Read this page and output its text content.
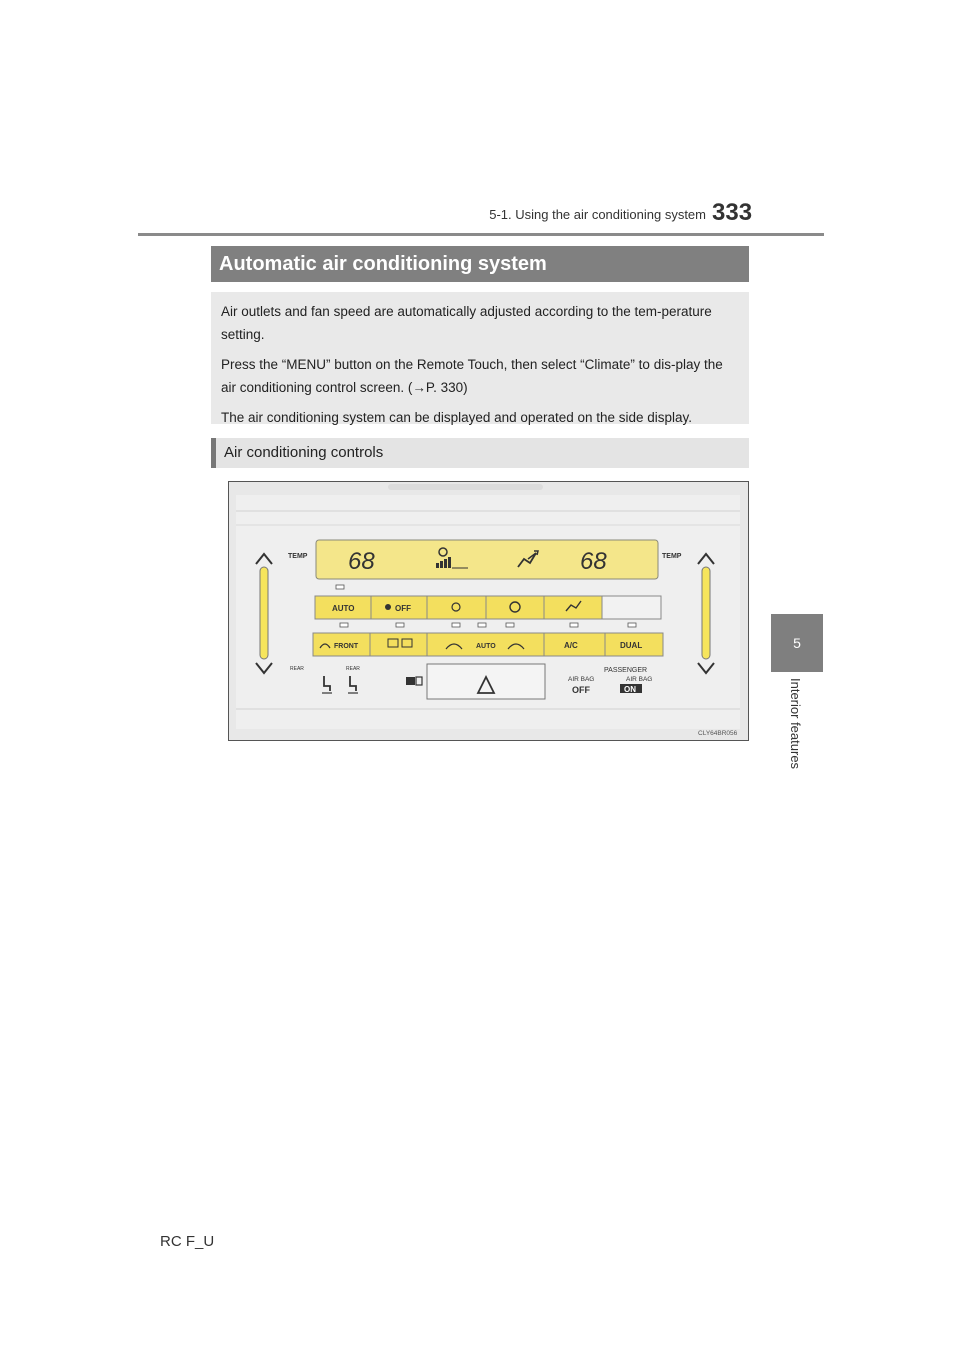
5-1. Using the air conditioning system 333
5
Interior features
Automatic air conditioning system

Air outlets and fan speed are automatically adjusted according to the tem-perature setting.

Press the “MENU” button on the Remote Touch, then select “Climate” to dis-play the air conditioning control screen. (→P. 330)

The air conditioning system can be displayed and operated on the side display.

Air conditioning controls
TEMP	TEMP
68	68
AUTO	OFF
FRONT	AUTO	A/C	DUAL
REAR	REAR	PASSENGER
AIR BAG	AIR BAG
OFF	ON
CLY64BR056
RC F_U
